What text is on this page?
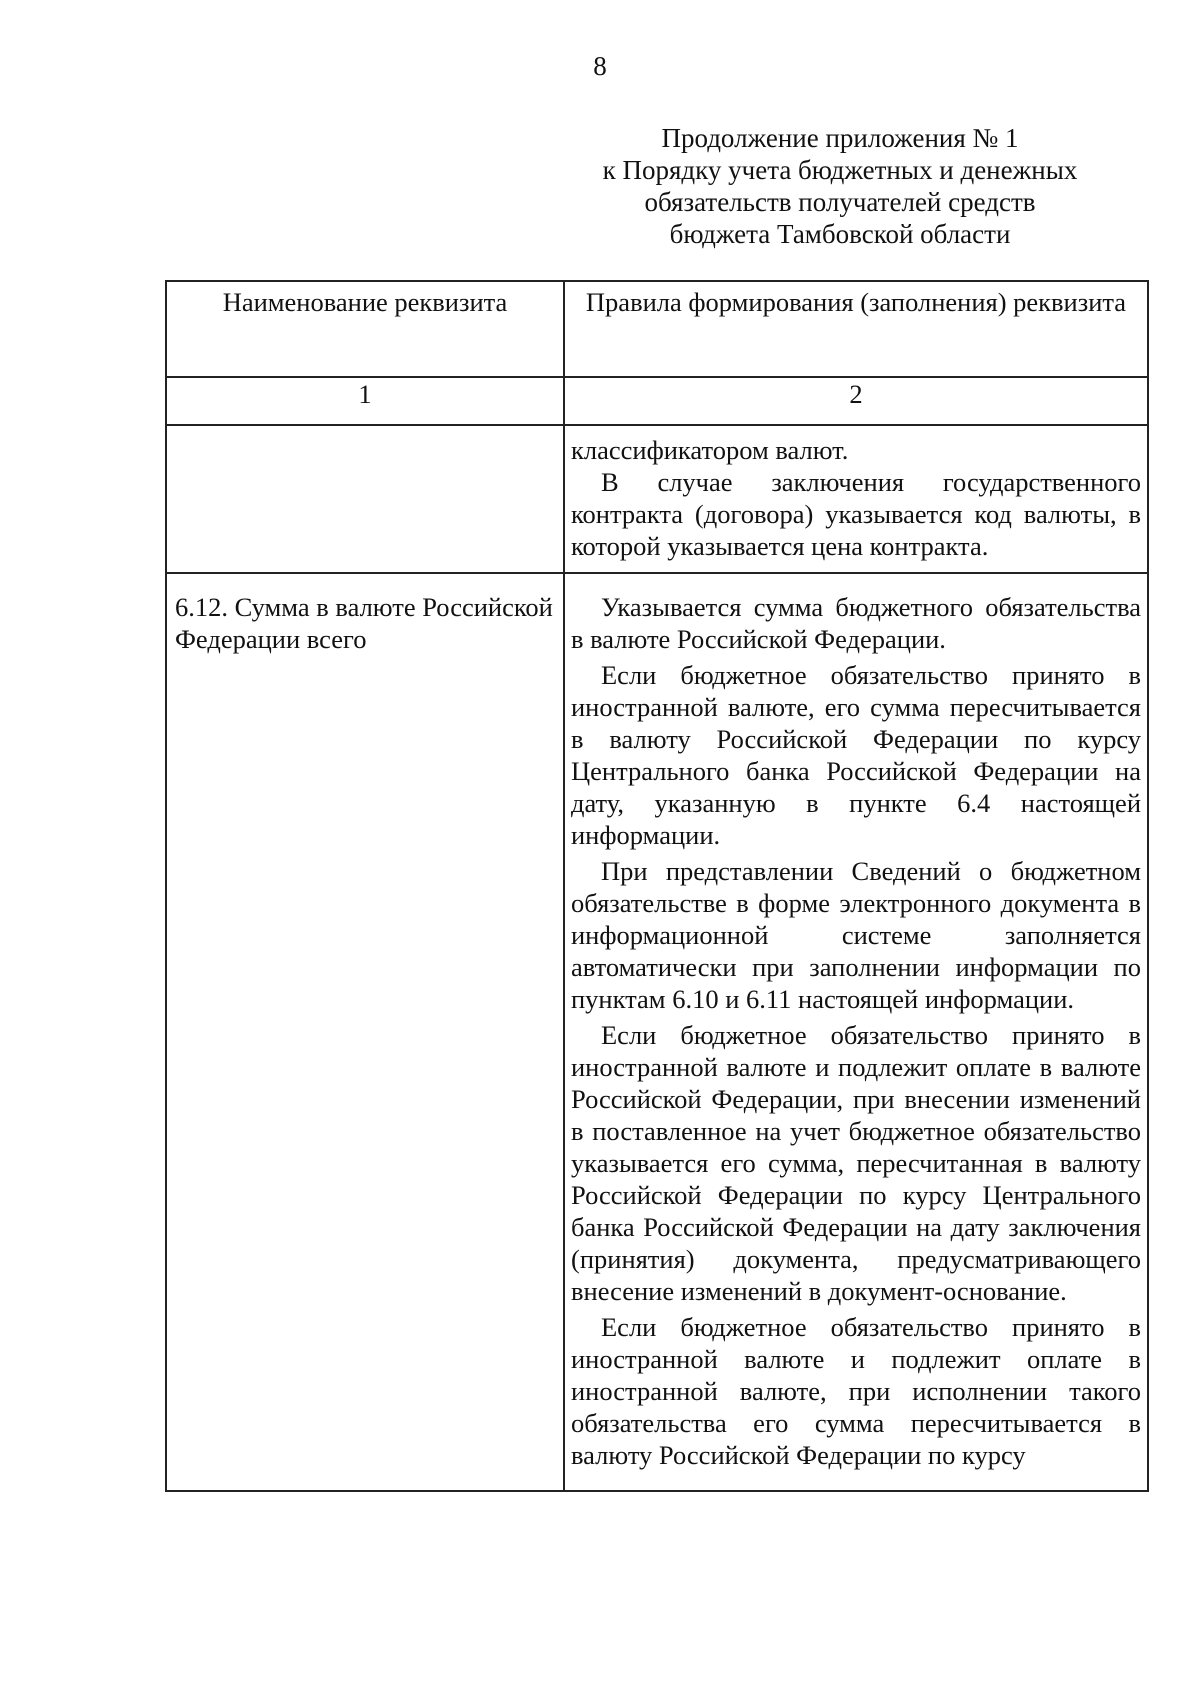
8
Продолжение приложения № 1
к Порядку учета бюджетных и денежных
обязательств получателей средств
бюджета Тамбовской области
Наименование реквизита	Правила формирования (заполнения) реквизита
1	2

	классификатором валют.

В случае заключения государственного контракта (договора) указывается код валюты, в которой указывается цена контракта.

6.12. Сумма в валюте Российской Федерации всего	Указывается сумма бюджетного обязательства в валюте Российской Федерации.

Если бюджетное обязательство принято в иностранной валюте, его сумма пересчитывается в валюту Российской Федерации по курсу Центрального банка Российской Федерации на дату, указанную в пункте 6.4 настоящей информации.

При представлении Сведений о бюджетном обязательстве в форме электронного документа в информационной системе заполняется автоматически при заполнении информации по пунктам 6.10 и 6.11 настоящей информации.

Если бюджетное обязательство принято в иностранной валюте и подлежит оплате в валюте Российской Федерации, при внесении изменений в поставленное на учет бюджетное обязательство указывается его сумма, пересчитанная в валюту Российской Федерации по курсу Центрального банка Российской Федерации на дату заключения (принятия) документа, предусматривающего внесение изменений в документ-основание.

Если бюджетное обязательство принято в иностранной валюте и подлежит оплате в иностранной валюте, при исполнении такого обязательства его сумма пересчитывается в валюту Российской Федерации по курсу
